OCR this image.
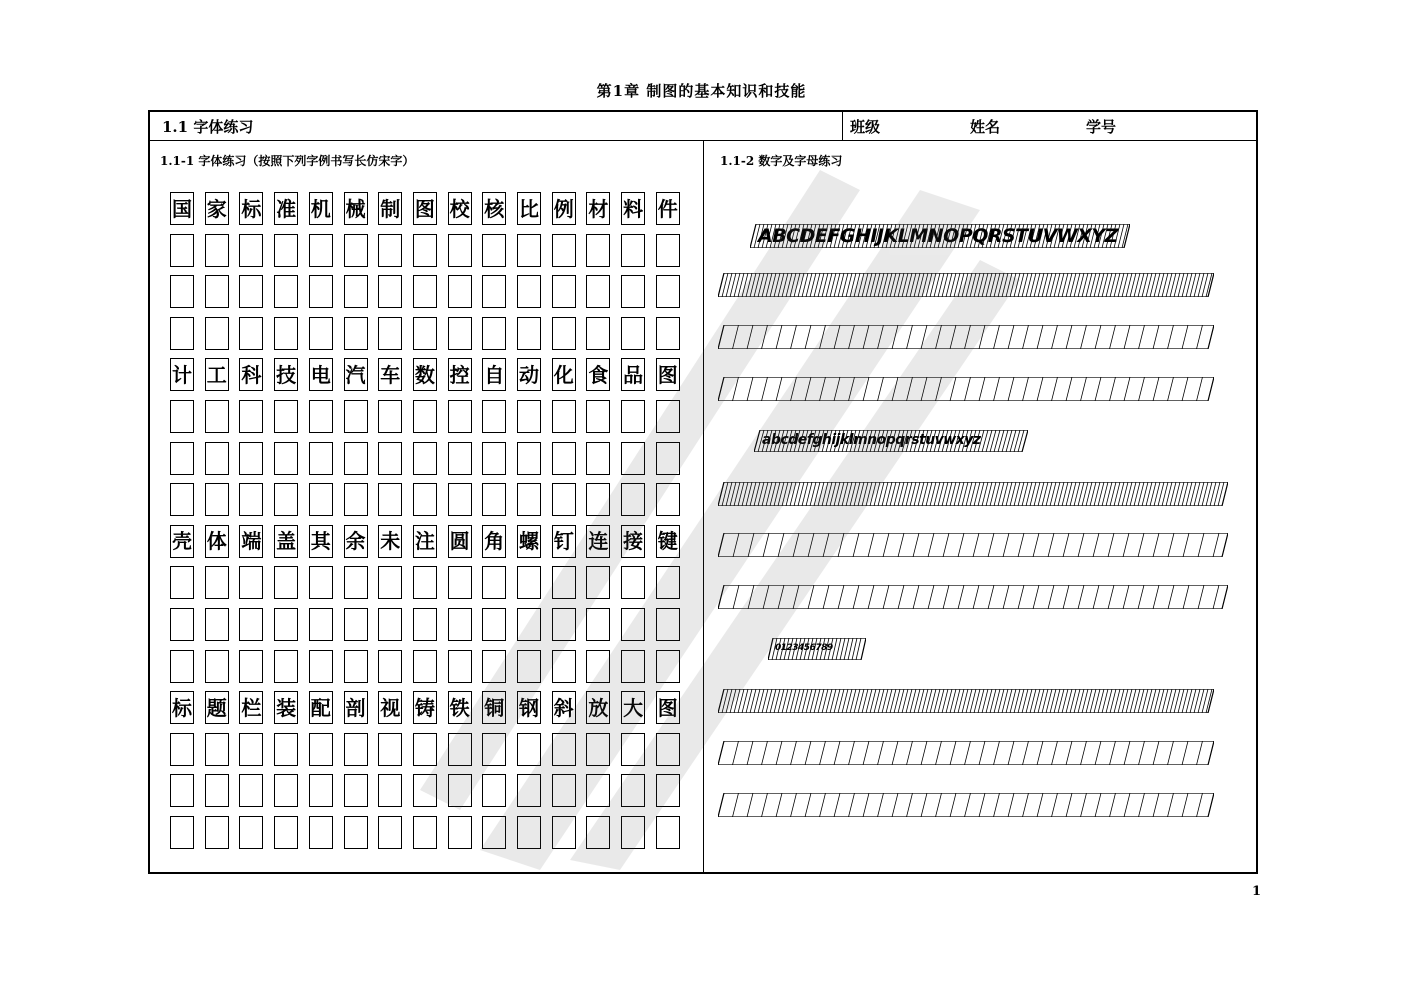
第1章 制图的基本知识和技能
1.1 字体练习	班级	姓名	学号
1.1-1 字体练习（按照下列字例书写长仿宋字）	1.1-2 数字及字母练习
国 家 标 准 机 械 制 图 校 核 比 例 材 料 件
计 工 科 技 电 汽 车 数 控 自 动 化 食 品 图
壳 体 端 盖 其 余 未 注 圆 角 螺 钉 连 接 键
标 题 栏 装 配 剖 视 铸 铁 铜 钢 斜 放 大 图
ABCDEFGHIJKLMNOPQRSTUVWXYZ
abcdefghijklmnopqrstuvwxyz
0123456789
1
